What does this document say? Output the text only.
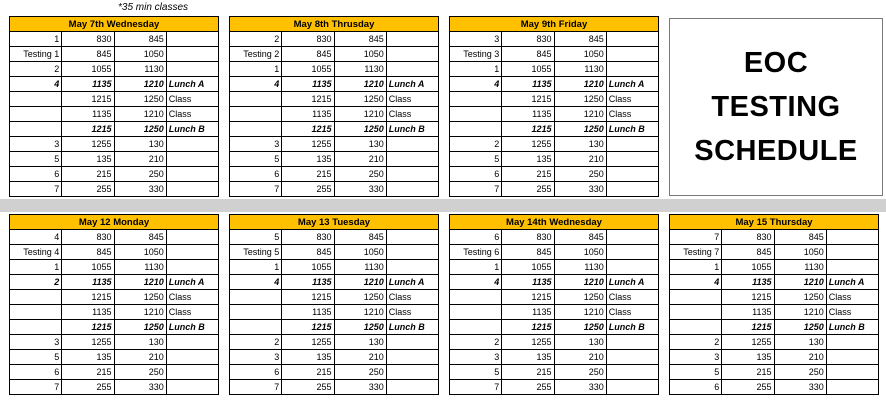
*35 min classes
EOC
TESTING
SCHEDULE
May 7th Wednesday			
1	830	845	
Testing 1	845	1050	
2	1055	1130	
4	1135	1210	Lunch A
	1215	1250	Class
	1135	1210	Class
	1215	1250	Lunch B
3	1255	130	
5	135	210	
6	215	250	
7	255	330	
May 8th Thrusday			
2	830	845	
Testing 2	845	1050	
1	1055	1130	
4	1135	1210	Lunch A
	1215	1250	Class
	1135	1210	Class
	1215	1250	Lunch B
3	1255	130	
5	135	210	
6	215	250	
7	255	330	
May 9th Friday			
3	830	845	
Testing 3	845	1050	
1	1055	1130	
4	1135	1210	Lunch A
	1215	1250	Class
	1135	1210	Class
	1215	1250	Lunch B
2	1255	130	
5	135	210	
6	215	250	
7	255	330	
May 12 Monday			
4	830	845	
Testing 4	845	1050	
1	1055	1130	
2	1135	1210	Lunch A
	1215	1250	Class
	1135	1210	Class
	1215	1250	Lunch B
3	1255	130	
5	135	210	
6	215	250	
7	255	330	
May 13 Tuesday			
5	830	845	
Testing 5	845	1050	
1	1055	1130	
4	1135	1210	Lunch A
	1215	1250	Class
	1135	1210	Class
	1215	1250	Lunch B
2	1255	130	
3	135	210	
6	215	250	
7	255	330	
May 14th Wednesday			
6	830	845	
Testing 6	845	1050	
1	1055	1130	
4	1135	1210	Lunch A
	1215	1250	Class
	1135	1210	Class
	1215	1250	Lunch B
2	1255	130	
3	135	210	
5	215	250	
7	255	330	
May 15 Thursday			
7	830	845	
Testing 7	845	1050	
1	1055	1130	
4	1135	1210	Lunch A
	1215	1250	Class
	1135	1210	Class
	1215	1250	Lunch B
2	1255	130	
3	135	210	
5	215	250	
6	255	330	
